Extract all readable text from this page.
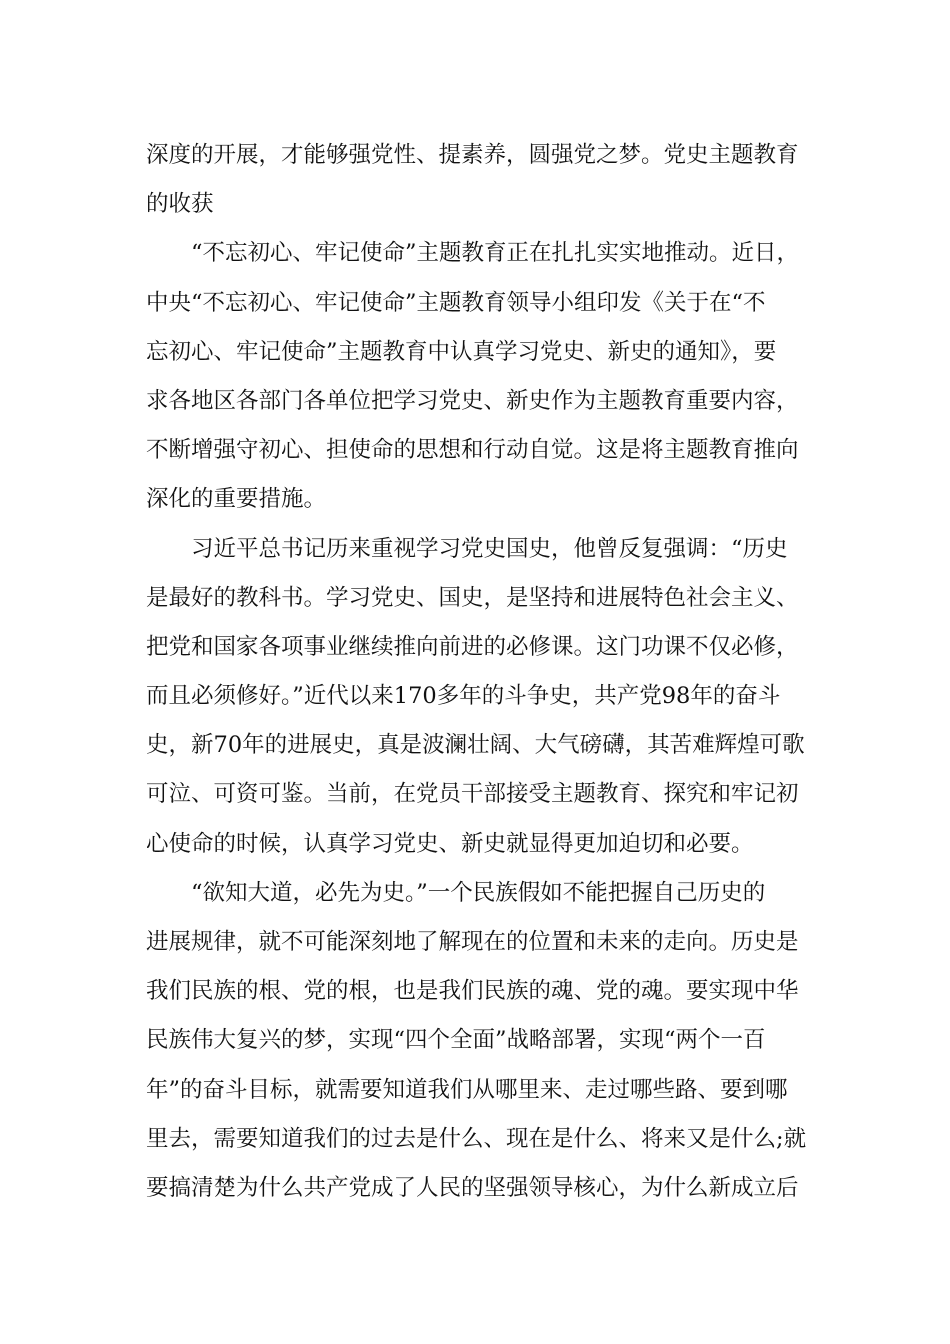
深度的开展，才能够强党性、提素养，圆强党之梦。党史主题教育
的收获
“不忘初心、牢记使命”主题教育正在扎扎实实地推动。近日，
中央“不忘初心、牢记使命”主题教育领导小组印发《关于在“不
忘初心、牢记使命”主题教育中认真学习党史、新史的通知》，要
求各地区各部门各单位把学习党史、新史作为主题教育重要内容，
不断增强守初心、担使命的思想和行动自觉。这是将主题教育推向
深化的重要措施。
习近平总书记历来重视学习党史国史，他曾反复强调：“历史
是最好的教科书。学习党史、国史，是坚持和进展特色社会主义、
把党和国家各项事业继续推向前进的必修课。这门功课不仅必修，
而且必须修好。”近代以来170多年的斗争史，共产党98年的奋斗
史，新70年的进展史，真是波澜壮阔、大气磅礴，其苦难辉煌可歌
可泣、可资可鉴。当前，在党员干部接受主题教育、探究和牢记初
心使命的时候，认真学习党史、新史就显得更加迫切和必要。
“欲知大道，必先为史。”一个民族假如不能把握自己历史的
进展规律，就不可能深刻地了解现在的位置和未来的走向。历史是
我们民族的根、党的根，也是我们民族的魂、党的魂。要实现中华
民族伟大复兴的梦，实现“四个全面”战略部署，实现“两个一百
年”的奋斗目标，就需要知道我们从哪里来、走过哪些路、要到哪
里去，需要知道我们的过去是什么、现在是什么、将来又是什么;就
要搞清楚为什么共产党成了人民的坚强领导核心，为什么新成立后
